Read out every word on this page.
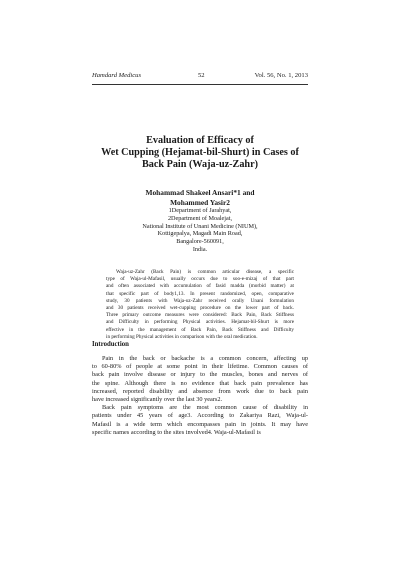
Hamdard Medicus	52	Vol. 56, No. 1, 2013
Evaluation of Efficacy of
Wet Cupping (Hejamat-bil-Shurt) in Cases of
Back Pain (Waja-uz-Zahr)
Mohammad Shakeel Ansari*1 and
Mohammed Yasir2
1Department of Jarahyat,
2Department of Moalejat,
National Institute of Unani Medicine (NIUM),
Kottigepalya, Magadi Main Road,
Bangalore-560091,
India.
Waja-uz-Zahr (Back Pain) is common articular disease, a specific
type of Waja-ul-Mafasil, usually occurs due to soo-e-mizaj of that part
and often associated with accumulation of fasid madda (morbid matter) at
that specific part of body1,13. In present randomized, open, comparative
study, 30 patients with Waja-uz-Zahr received orally Unani formulation
and 30 patients received wet-cupping procedure on the lower part of back.
Three primary outcome measures were considered: Back Pain, Back Stiffness
and Difficulty in performing Physical activities. Hejamat-bil-Shurt is more
effective in the management of Back Pain, Back Stiffness and Difficulty
in performing Physical activities in comparison with the oral medication.
Introduction
Pain in the back or backache is a common concern, affecting up
to 60-80% of people at some point in their lifetime. Common causes of
back pain involve disease or injury to the muscles, bones and nerves of
the spine. Although there is no evidence that back pain prevalence has
increased, reported disability and absence from work due to back pain
have increased significantly over the last 30 years2.
Back pain symptoms are the most common cause of disability in
patients under 45 years of age3. According to Zakariya Razi, Waja-ul-
Mafasil is a wide term which encompasses pain in joints. It may have
specific names according to the sites involved4. Waja-ul-Mafasil is
